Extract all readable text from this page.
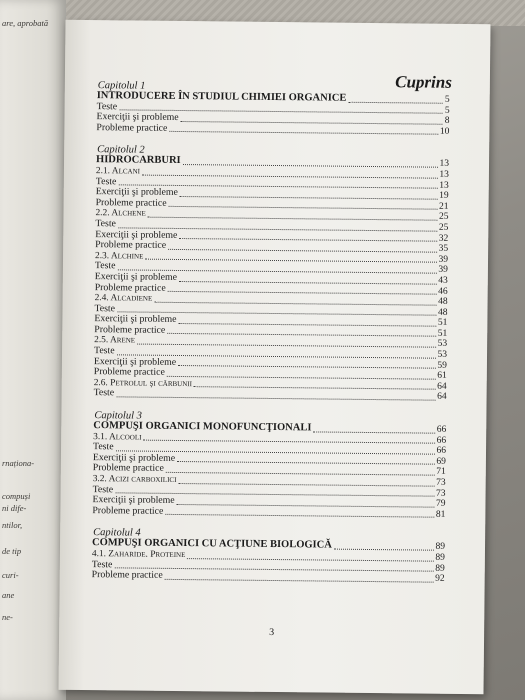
are, aprobată
rnaționa-
compuși
ni dife-
ntilor,
de tip
curi-
ane
ne-
Cuprins
Capitolul 1
INTRODUCERE ÎN STUDIUL CHIMIEI ORGANICE	5
Teste	5
Exerciţii şi probleme	8
Probleme practice	10
Capitolul 2
HIDROCARBURI	13
2.1. Alcani	13
Teste	13
Exerciţii şi probleme	19
Probleme practice	21
2.2. Alchene	25
Teste	25
Exerciţii şi probleme	32
Probleme practice	35
2.3. Alchine	39
Teste	39
Exerciţii şi probleme	43
Probleme practice	46
2.4. Alcadiene	48
Teste	48
Exerciţii şi probleme	51
Probleme practice	51
2.5. Arene	53
Teste	53
Exerciţii şi probleme	59
Probleme practice	61
2.6. Petrolul şi cărbunii	64
Teste	64
Capitolul 3
COMPUŞI ORGANICI MONOFUNCŢIONALI	66
3.1. Alcooli	66
Teste	66
Exerciţii şi probleme	69
Probleme practice	71
3.2. Acizi carboxilici	73
Teste	73
Exerciţii şi probleme	79
Probleme practice	81
Capitolul 4
COMPUŞI ORGANICI CU ACŢIUNE BIOLOGICĂ	89
4.1. Zaharide. Proteine	89
Teste	89
Probleme practice	92
3
